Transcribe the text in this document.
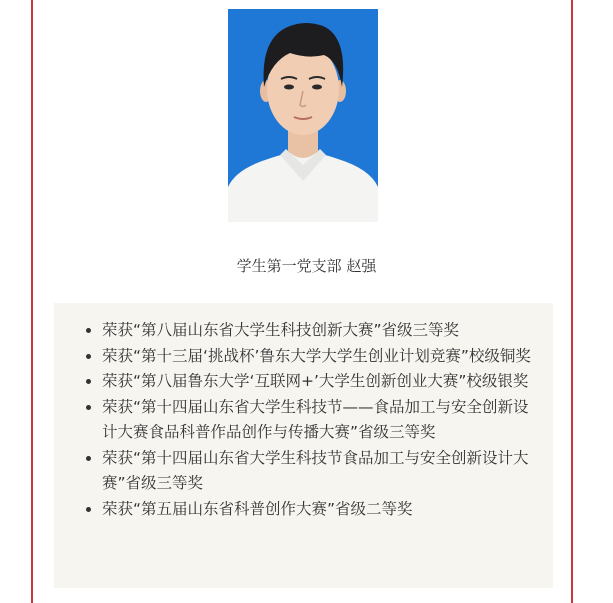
学生第一党支部 赵强
• 荣获“第八届山东省大学生科技创新大赛”省级三等奖
• 荣获“第十三届‘挑战杯’鲁东大学大学生创业计划竞赛”校级铜奖
• 荣获“第八届鲁东大学‘互联网+’大学生创新创业大赛”校级银奖
• 荣获“第十四届山东省大学生科技节——食品加工与安全创新设计大赛食品科普作品创作与传播大赛”省级三等奖
• 荣获“第十四届山东省大学生科技节食品加工与安全创新设计大赛”省级三等奖
• 荣获“第五届山东省科普创作大赛”省级二等奖
